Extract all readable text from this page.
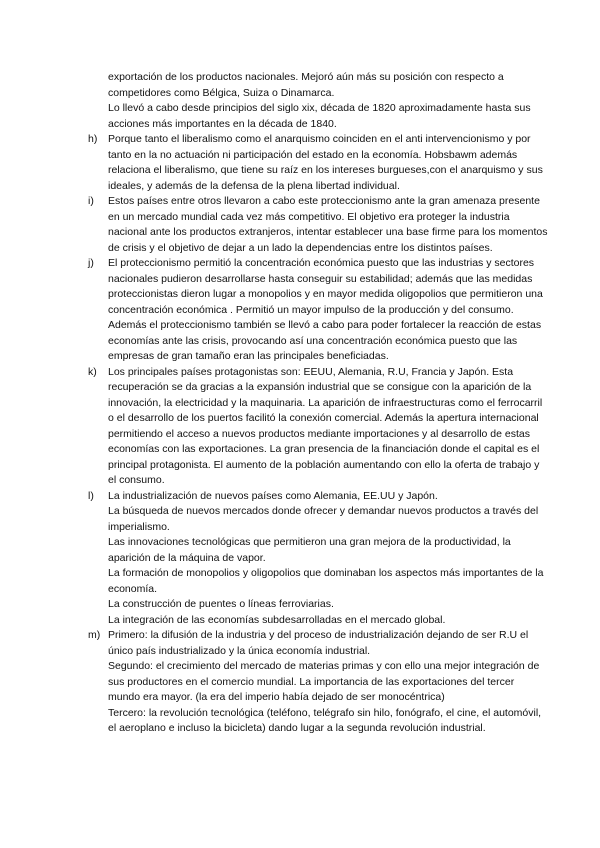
exportación de los productos nacionales. Mejoró aún más su posición con respecto a competidores como Bélgica, Suiza o Dinamarca.

Lo llevó a cabo desde principios del siglo xix, década de 1820 aproximadamente hasta sus acciones más importantes en la década de 1840.

h)	Porque tanto el liberalismo como el anarquismo coinciden en el anti intervencionismo y por tanto en la no actuación ni participación del estado en la economía. Hobsbawm además relaciona el liberalismo, que tiene su raíz en los intereses burgueses,con el anarquismo y sus ideales, y además de la defensa de la plena libertad individual.

i)	Estos países entre otros llevaron a cabo este proteccionismo ante la gran amenaza presente en un mercado mundial cada vez más competitivo. El objetivo era proteger la industria nacional ante los productos extranjeros, intentar establecer una base firme para los momentos de crisis y el objetivo de dejar a un lado la dependencias entre los distintos países.

j)	El proteccionismo permitió la concentración económica puesto que las industrias y sectores nacionales pudieron desarrollarse hasta conseguir su estabilidad; además que las medidas proteccionistas dieron lugar a monopolios y en mayor medida oligopolios que permitieron una concentración económica . Permitió un mayor impulso de la producción y del consumo. Además el proteccionismo también se llevó a cabo para poder fortalecer la reacción de estas economías ante las crisis, provocando así una concentración económica puesto que las empresas de gran tamaño eran las principales beneficiadas.

k)	Los principales países protagonistas son: EEUU, Alemania, R.U, Francia y Japón. Esta recuperación se da gracias a la expansión industrial que se consigue con la aparición de la innovación, la electricidad y la maquinaria. La aparición de infraestructuras como el ferrocarril o el desarrollo de los puertos facilitó la conexión comercial. Además la apertura internacional permitiendo el acceso a nuevos productos mediante importaciones y al desarrollo de estas economías con las exportaciones. La gran presencia de la financiación donde el capital es el principal protagonista. El aumento de la población aumentando con ello la oferta de trabajo y el consumo.

l)	La industrialización de nuevos países como Alemania, EE.UU y Japón.

La búsqueda de nuevos mercados donde ofrecer y demandar nuevos productos a través del imperialismo.

Las innovaciones tecnológicas que permitieron una gran mejora de la productividad, la aparición de la máquina de vapor.

La formación de monopolios y oligopolios que dominaban los aspectos más importantes de la economía.

La construcción de puentes o líneas ferroviarias.

La integración de las economías subdesarrolladas en el mercado global.

m) Primero: la difusión de la industria y del proceso de industrialización dejando de ser R.U el único país industrializado y la única economía industrial.

Segundo: el crecimiento del mercado de materias primas y con ello una mejor integración de sus productores en el comercio mundial. La importancia de las exportaciones del tercer mundo era mayor. (la era del imperio había dejado de ser monocéntrica)

Tercero: la revolución tecnológica (teléfono, telégrafo sin hilo, fonógrafo, el cine, el automóvil, el aeroplano e incluso la bicicleta) dando lugar a la segunda revolución industrial.
